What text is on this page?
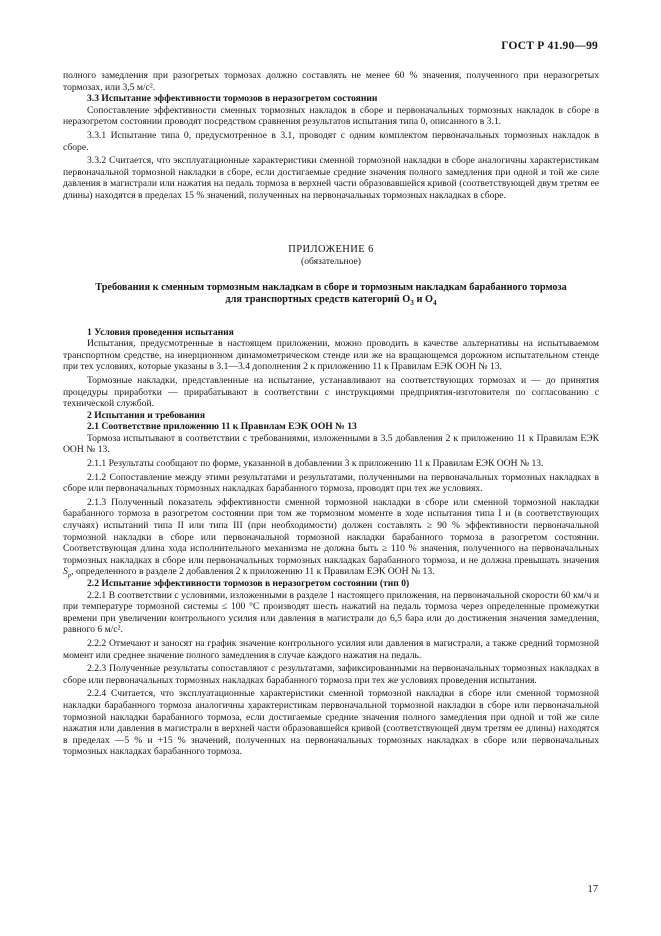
ГОСТ Р 41.90—99

полного замедления при разогретых тормозах должно составлять не менее 60 % значения, полученного при неразогретых тормозах, или 3,5 м/с².

3.3 Испытание эффективности тормозов в неразогретом состоянии

Сопоставление эффективности сменных тормозных накладок в сборе и первоначальных тормозных накладок в сборе в неразогретом состоянии проводят посредством сравнения результатов испытания типа 0, описанного в 3.1.

3.3.1 Испытание типа 0, предусмотренное в 3.1, проводят с одним комплектом первоначальных тормозных накладок в сборе.

3.3.2 Считается, что эксплуатационные характеристики сменной тормозной накладки в сборе аналогичны характеристикам первоначальной тормозной накладки в сборе, если достигаемые средние значения полного замедления при одной и той же силе давления в магистрали или нажатия на педаль тормоза в верхней части образовавшейся кривой (соответствующей двум третям ее длины) находятся в пределах 15 % значений, полученных на первоначальных тормозных накладках в сборе.

ПРИЛОЖЕНИЕ 6
(обязательное)
Требования к сменным тормозным накладкам в сборе и тормозным накладкам барабанного тормоза
для транспортных средств категорий $O_3$ и $O_4$

1 Условия проведения испытания

Испытания, предусмотренные в настоящем приложении, можно проводить в качестве альтернативы на испытываемом транспортном средстве, на инерционном динамометрическом стенде или же на вращающемся дорожном испытательном стенде при тех условиях, которые указаны в 3.1—3.4 дополнения 2 к приложению 11 к Правилам ЕЭК ООН № 13.

Тормозные накладки, представленные на испытание, устанавливают на соответствующих тормозах и — до принятия процедуры приработки — прирабатывают в соответствии с инструкциями предприятия-изготовителя по согласованию с технической службой.

2 Испытания и требования

2.1 Соответствие приложению 11 к Правилам ЕЭК ООН № 13

Тормоза испытывают в соответствии с требованиями, изложенными в 3.5 добавления 2 к приложению 11 к Правилам ЕЭК ООН № 13.

2.1.1 Результаты сообщают по форме, указанной в добавлении 3 к приложению 11 к Правилам ЕЭК ООН № 13.

2.1.2 Сопоставление между этими результатами и результатами, полученными на первоначальных тормозных накладках в сборе или первоначальных тормозных накладках барабанного тормоза, проводят при тех же условиях.

2.1.3 Полученный показатель эффективности сменной тормозной накладки в сборе или сменной тормозной накладки барабанного тормоза в разогретом состоянии при том же тормозном моменте в ходе испытания типа I и (в соответствующих случаях) испытаний типа II или типа III (при необходимости) должен составлять ≥ 90 % эффективности первоначальной тормозной накладки в сборе или первоначальной тормозной накладки барабанного тормоза в разогретом состоянии. Соответствующая длина хода исполнительного механизма не должна быть ≥ 110 % значения, полученного на первоначальных тормозных накладках в сборе или первоначальных тормозных накладках барабанного тормоза, и не должна превышать значения $S_p$, определенного в разделе 2 добавления 2 к приложению 11 к Правилам ЕЭК ООН № 13.

2.2 Испытание эффективности тормозов в неразогретом состоянии (тип 0)

2.2.1 В соответствии с условиями, изложенными в разделе 1 настоящего приложения, на первоначальной скорости 60 км/ч и при температуре тормозной системы ≤ 100 °С производят шесть нажатий на педаль тормоза через определенные промежутки времени при увеличении контрольного усилия или давления в магистрали до 6,5 бара или до достижения значения замедления, равного 6 м/с².

2.2.2 Отмечают и заносят на график значение контрольного усилия или давления в магистрали, а также средний тормозной момент или среднее значение полного замедления в случае каждого нажатия на педаль.

2.2.3 Полученные результаты сопоставляют с результатами, зафиксированными на первоначальных тормозных накладках в сборе или первоначальных тормозных накладках барабанного тормоза при тех же условиях проведения испытания.

2.2.4 Считается, что эксплуатационные характеристики сменной тормозной накладки в сборе или сменной тормозной накладки барабанного тормоза аналогичны характеристикам первоначальной тормозной накладки в сборе или первоначальной тормозной накладки барабанного тормоза, если достигаемые средние значения полного замедления при одной и той же силе нажатия или давления в магистрали в верхней части образовавшейся кривой (соответствующей двум третям ее длины) находятся в пределах —5 % и +15 % значений, полученных на первоначальных тормозных накладках в сборе или первоначальных тормозных накладках барабанного тормоза.

17
